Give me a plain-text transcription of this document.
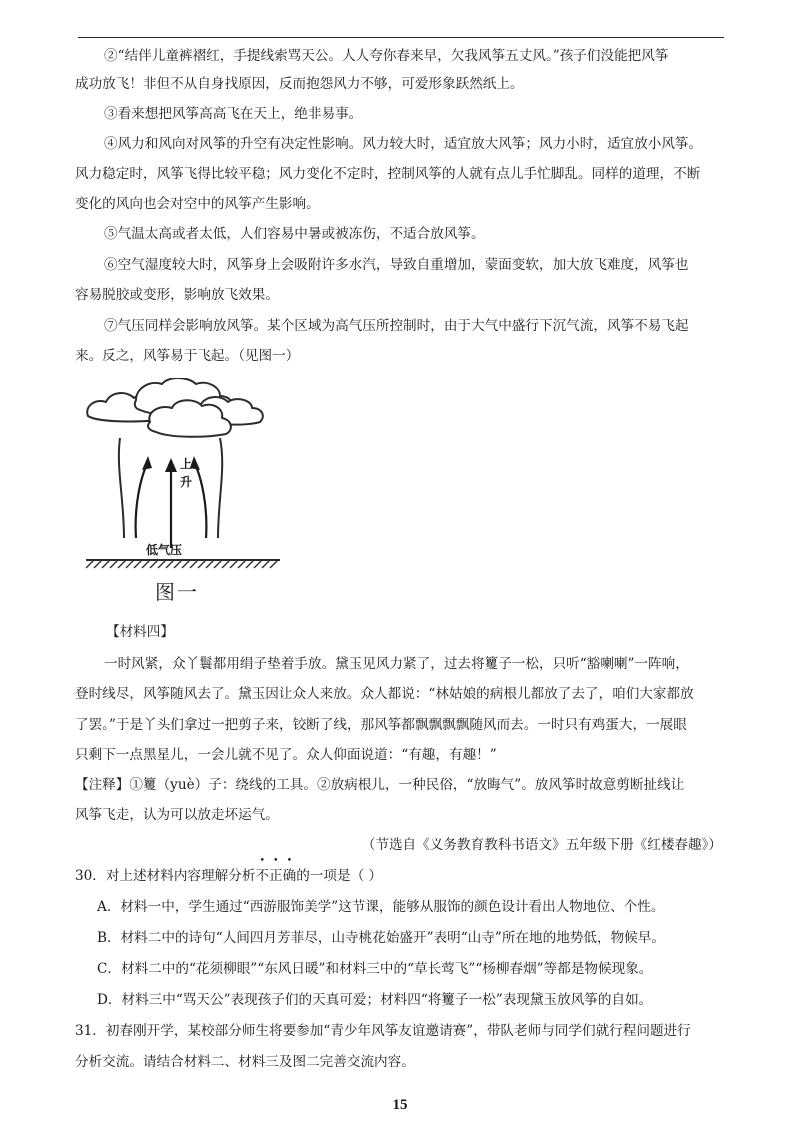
②“结伴儿童裤褶红，手提线索骂天公。人人夸你春来早，欠我风筝五丈风。”孩子们没能把风筝
成功放飞！非但不从自身找原因，反而抱怨风力不够，可爱形象跃然纸上。
③看来想把风筝高高飞在天上，绝非易事。
④风力和风向对风筝的升空有决定性影响。风力较大时，适宜放大风筝；风力小时，适宜放小风筝。
风力稳定时，风筝飞得比较平稳；风力变化不定时，控制风筝的人就有点儿手忙脚乱。同样的道理，不断
变化的风向也会对空中的风筝产生影响。
⑤气温太高或者太低，人们容易中暑或被冻伤，不适合放风筝。
⑥空气湿度较大时，风筝身上会吸附许多水汽，导致自重增加，蒙面变软，加大放飞难度，风筝也
容易脱胶或变形，影响放飞效果。
⑦气压同样会影响放风筝。某个区域为高气压所控制时，由于大气中盛行下沉气流，风筝不易飞起
来。反之，风筝易于飞起。（见图一）
上
升
低气压
图一
【材料四】
一时风紧，众丫鬟都用绢子垫着手放。黛玉见风力紧了，过去将籰子一松，只听“豁喇喇”一阵响，
登时线尽，风筝随风去了。黛玉因让众人来放。众人都说：“林姑娘的病根儿都放了去了，咱们大家都放
了罢。”于是丫头们拿过一把剪子来，铰断了线，那风筝都飘飘飘飘随风而去。一时只有鸡蛋大，一展眼
只剩下一点黑星儿，一会儿就不见了。众人仰面说道：“有趣，有趣！”
【注释】①籰（yuè）子：绕线的工具。②放病根儿，一种民俗，“放晦气”。放风筝时故意剪断扯线让
风筝飞走，认为可以放走坏运气。
（节选自《义务教育教科书语文》五年级下册《红楼春趣》）
30．对上述材料内容理解分析
•
不
•
正
•
确的一项是（ ）
A．材料一中，学生通过“西游服饰美学”这节课，能够从服饰的颜色设计看出人物地位、个性。
B．材料二中的诗句“人间四月芳菲尽，山寺桃花始盛开”表明“山寺”所在地的地势低，物候早。
C．材料二中的“花须柳眼”“东风日暖”和材料三中的“草长莺飞”“杨柳春烟”等都是物候现象。
D．材料三中“骂天公”表现孩子们的天真可爱；材料四“将籰子一松”表现黛玉放风筝的自如。
31．初春刚开学，某校部分师生将要参加“青少年风筝友谊邀请赛”，带队老师与同学们就行程问题进行
分析交流。请结合材料二、材料三及图二完善交流内容。
15
